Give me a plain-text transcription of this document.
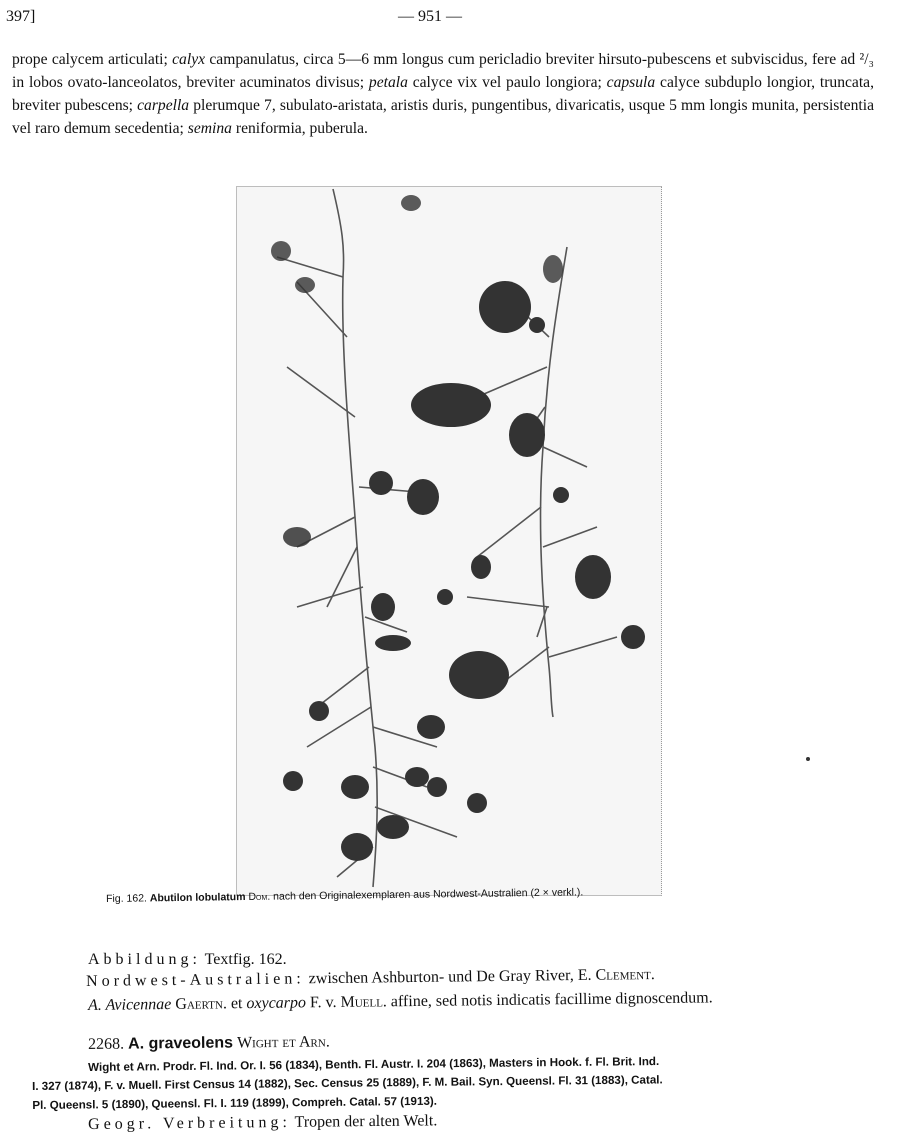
397]	— 951 —
prope calycem articulati; calyx campanulatus, circa 5—6 mm longus cum pericladio breviter hirsuto-pubescens et subviscidus, fere ad ²/₃ in lobos ovato-lanceolatos, breviter acuminatos divisus; petala calyce vix vel paulo longiora; capsula calyce subduplo longior, truncata, breviter pubescens; carpella plerumque 7, subulato-aristata, aristis duris, pungentibus, divaricatis, usque 5 mm longis munita, persistentia vel raro demum secedentia; semina reniformia, puberula.
Fig. 162. Abutilon lobulatum Dom. nach den Originalexemplaren aus Nordwest-Australien (2 × verkl.).
Abbildung: Textfig. 162.
Nordwest-Australien: zwischen Ashburton- und De Gray River, E. Clement.
A. Avicennae Gaertn. et oxycarpo F. v. Muell. affine, sed notis indicatis facillime dignoscendum.
2268. A. graveolens Wight et Arn.
Wight et Arn. Prodr. Fl. Ind. Or. I. 56 (1834), Benth. Fl. Austr. I. 204 (1863), Masters in Hook. f. Fl. Brit. Ind.
I. 327 (1874), F. v. Muell. First Census 14 (1882), Sec. Census 25 (1889), F. M. Bail. Syn. Queensl. Fl. 31 (1883), Catal.
Pl. Queensl. 5 (1890), Queensl. Fl. I. 119 (1899), Compreh. Catal. 57 (1913).
Geogr. Verbreitung: Tropen der alten Welt.
